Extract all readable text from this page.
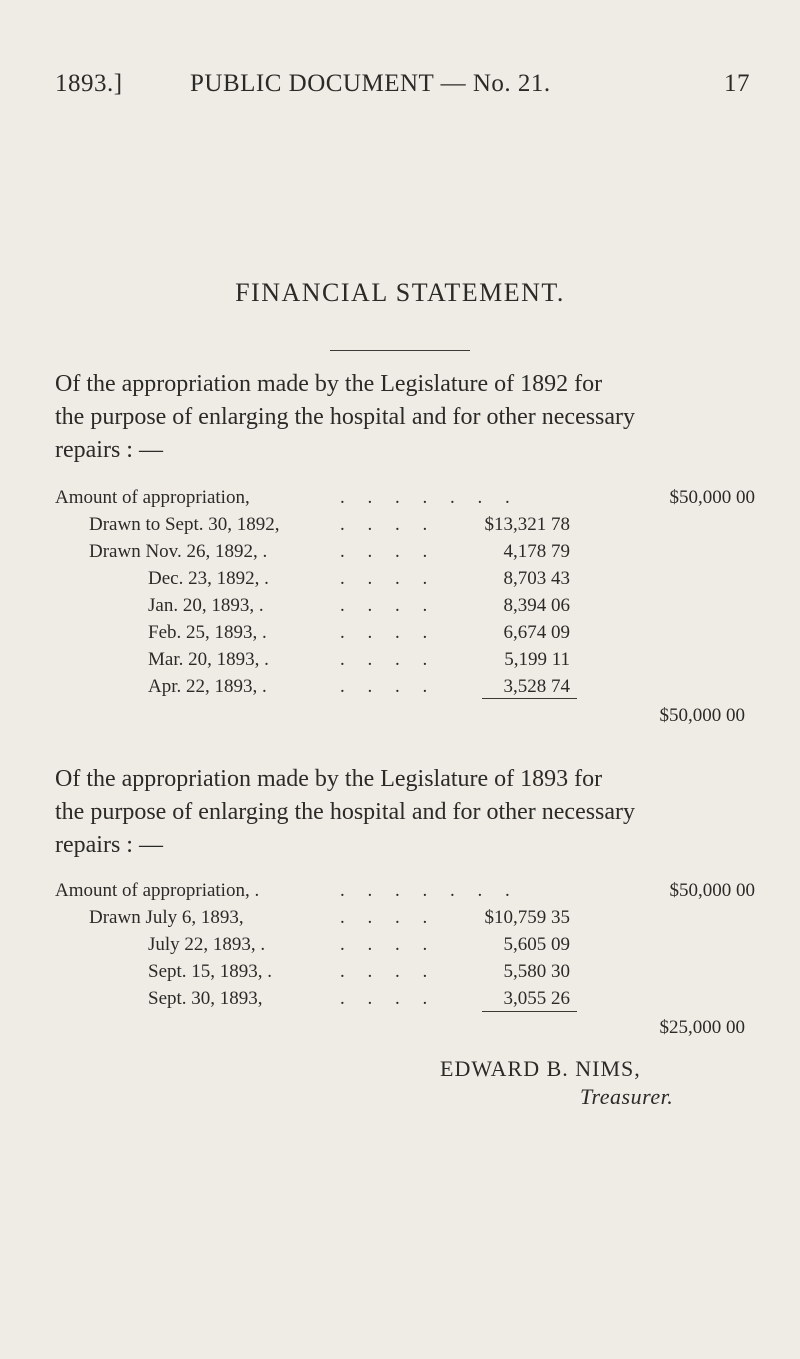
1893.]	PUBLIC DOCUMENT — No. 21.	17
FINANCIAL STATEMENT.
Of the appropriation made by the Legislature of 1892 for
the purpose of enlarging the hospital and for other necessary
repairs : —
Amount of appropriation,	. . . . . . .	$50,000 00
Drawn to Sept. 30, 1892,	. . . .	$13,321 78
Drawn Nov. 26, 1892, .	. . . .	4,178 79
Dec. 23, 1892, .	. . . .	8,703 43
Jan. 20, 1893, .	. . . .	8,394 06
Feb. 25, 1893, .	. . . .	6,674 09
Mar. 20, 1893, .	. . . .	5,199 11
Apr. 22, 1893, .	. . . .	3,528 74
$50,000 00
Of the appropriation made by the Legislature of 1893 for
the purpose of enlarging the hospital and for other necessary
repairs : —
Amount of appropriation, .	. . . . . . .	$50,000 00
Drawn July 6, 1893,	. . . .	$10,759 35
July 22, 1893, .	. . . .	5,605 09
Sept. 15, 1893, .	. . . .	5,580 30
Sept. 30, 1893,	. . . .	3,055 26
$25,000 00
EDWARD B. NIMS,
Treasurer.
